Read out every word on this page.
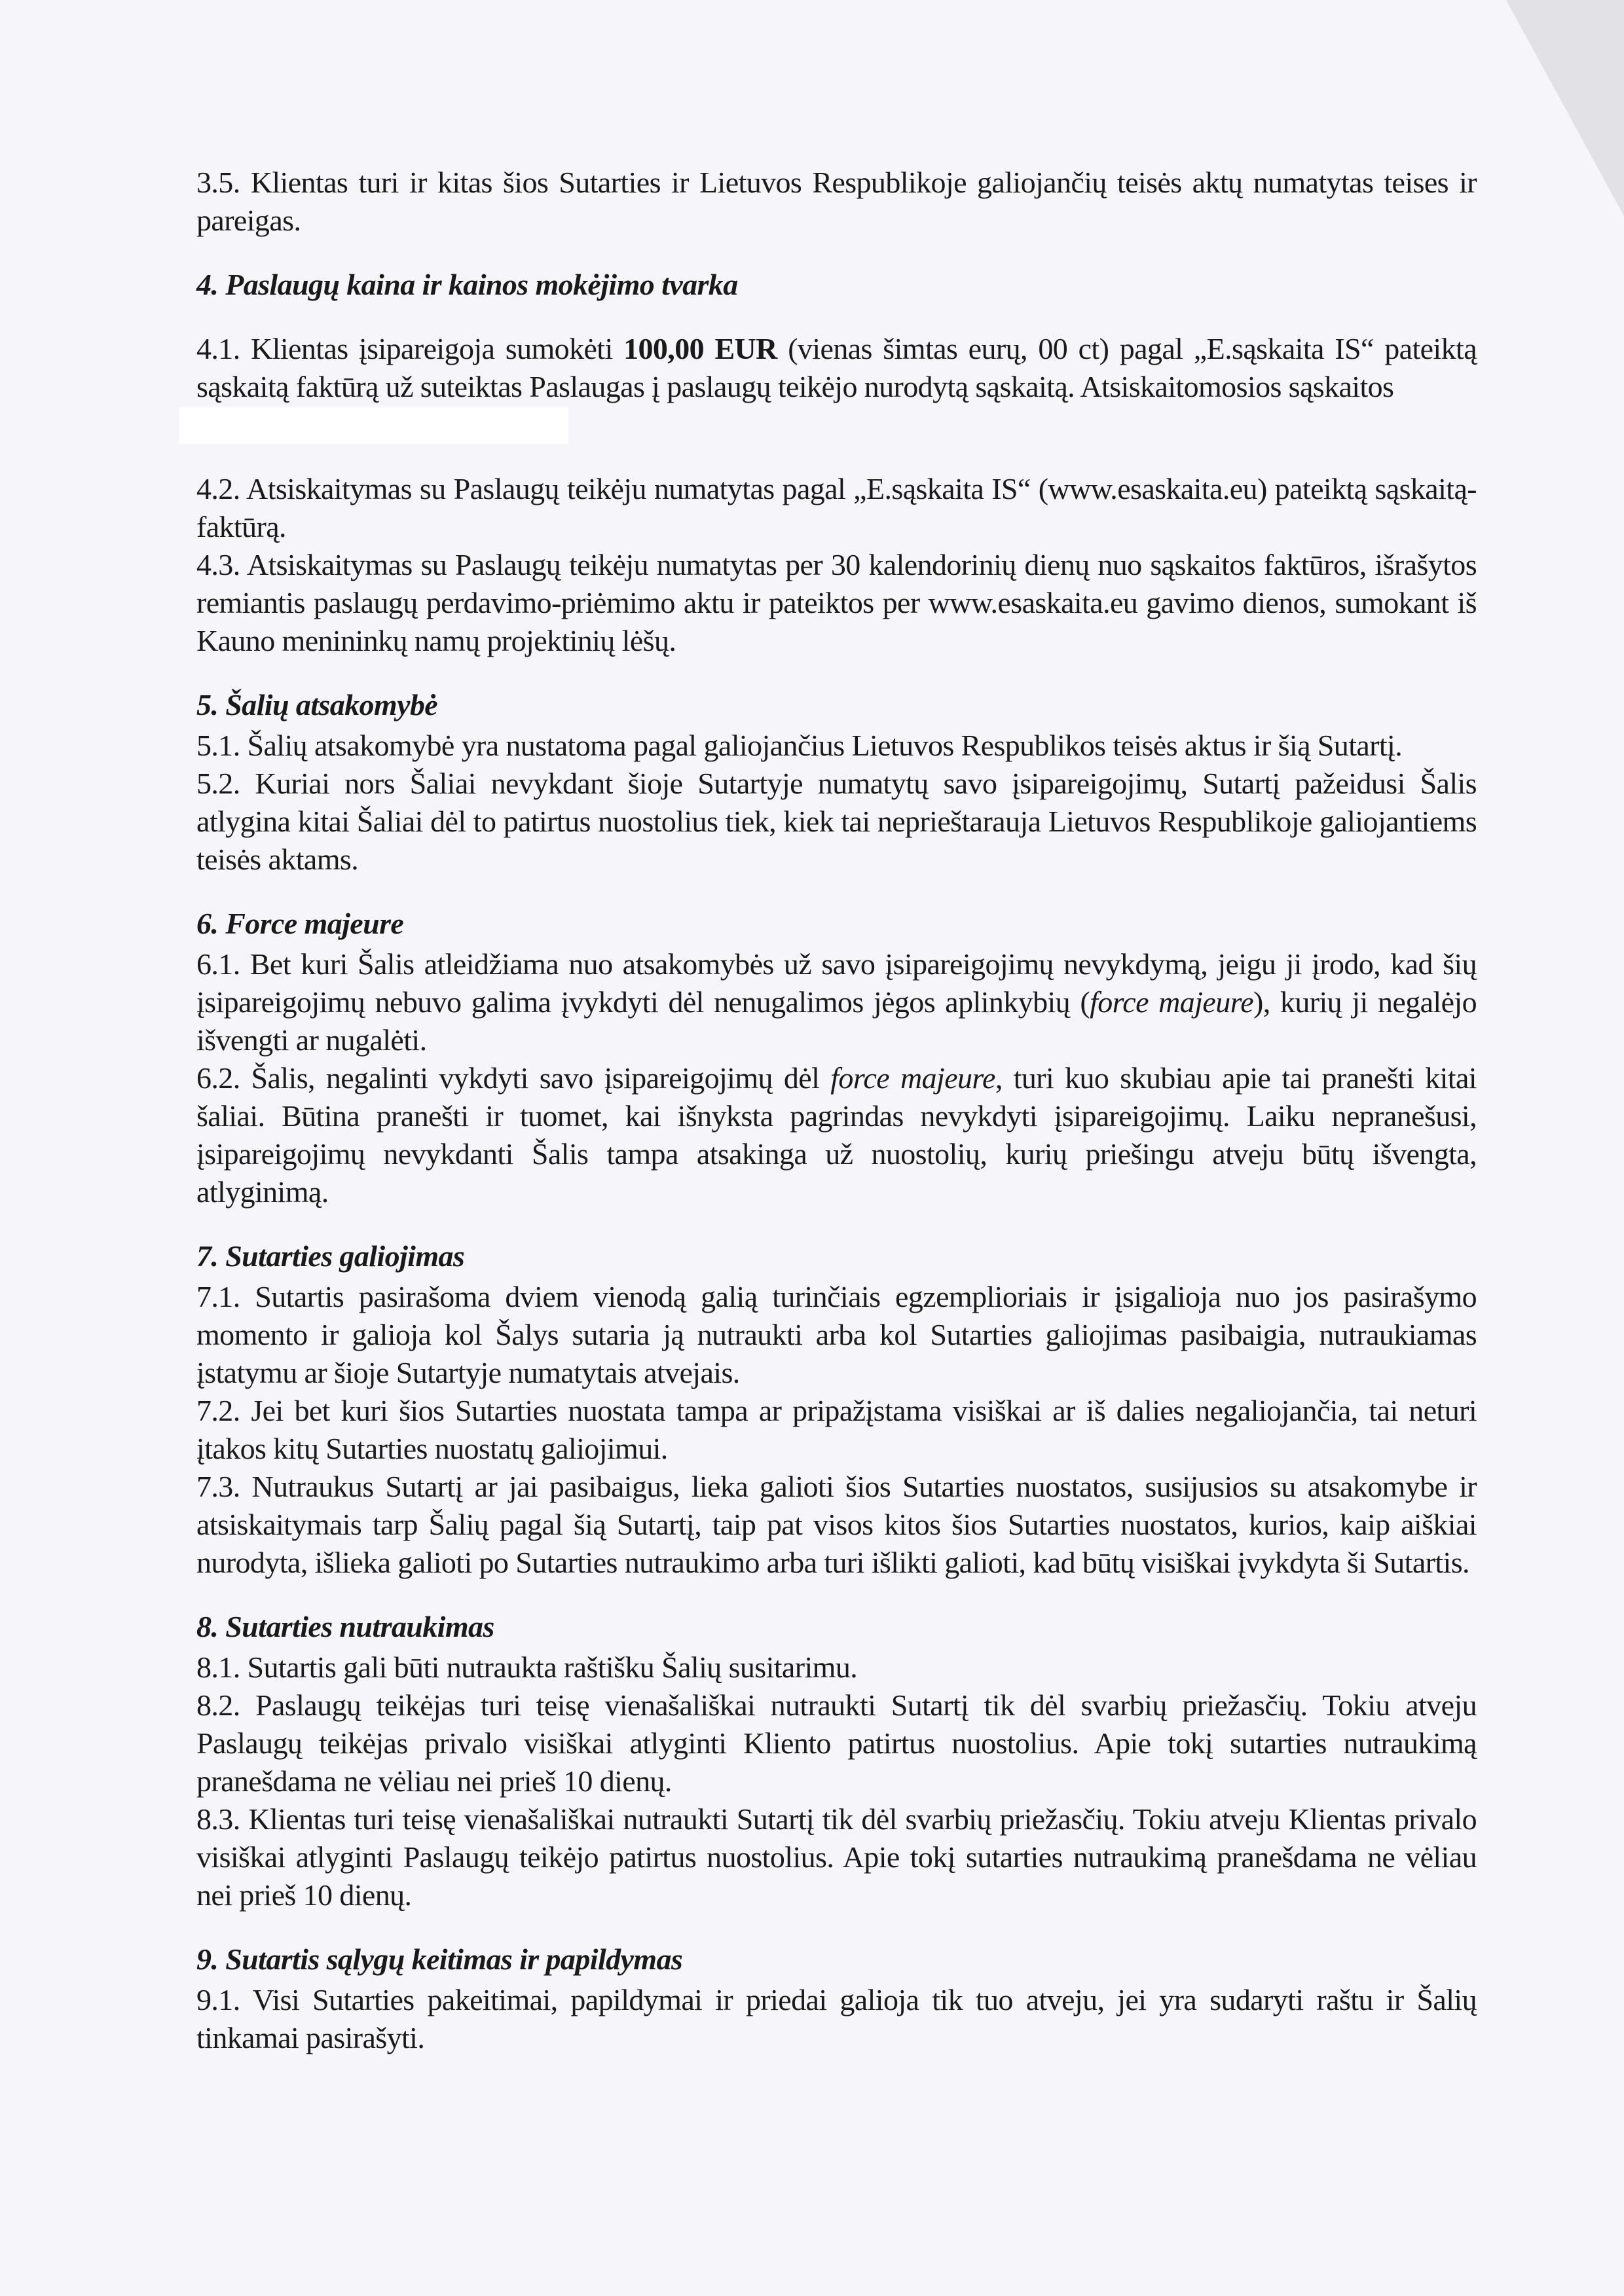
3.5. Klientas turi ir kitas šios Sutarties ir Lietuvos Respublikoje galiojančių teisės aktų numatytas teises ir pareigas.

4. Paslaugų kaina ir kainos mokėjimo tvarka

4.1. Klientas įsipareigoja sumokėti 100,00 EUR (vienas šimtas eurų, 00 ct) pagal „E.sąskaita IS“ pateiktą sąskaitą faktūrą už suteiktas Paslaugas į paslaugų teikėjo nurodytą sąskaitą. Atsiskaitomosios sąskaitos

4.2. Atsiskaitymas su Paslaugų teikėju numatytas pagal „E.sąskaita IS“ (www.esaskaita.eu) pateiktą sąskaitą-faktūrą.

4.3. Atsiskaitymas su Paslaugų teikėju numatytas per 30 kalendorinių dienų nuo sąskaitos faktūros, išrašytos remiantis paslaugų perdavimo-priėmimo aktu ir pateiktos per www.esaskaita.eu gavimo dienos, sumokant iš Kauno menininkų namų projektinių lėšų.

5. Šalių atsakomybė

5.1. Šalių atsakomybė yra nustatoma pagal galiojančius Lietuvos Respublikos teisės aktus ir šią Sutartį.

5.2. Kuriai nors Šaliai nevykdant šioje Sutartyje numatytų savo įsipareigojimų, Sutartį pažeidusi Šalis atlygina kitai Šaliai dėl to patirtus nuostolius tiek, kiek tai neprieštarauja Lietuvos Respublikoje galiojantiems teisės aktams.

6. Force majeure

6.1. Bet kuri Šalis atleidžiama nuo atsakomybės už savo įsipareigojimų nevykdymą, jeigu ji įrodo, kad šių įsipareigojimų nebuvo galima įvykdyti dėl nenugalimos jėgos aplinkybių (force majeure), kurių ji negalėjo išvengti ar nugalėti.

6.2. Šalis, negalinti vykdyti savo įsipareigojimų dėl force majeure, turi kuo skubiau apie tai pranešti kitai šaliai. Būtina pranešti ir tuomet, kai išnyksta pagrindas nevykdyti įsipareigojimų. Laiku nepranešusi, įsipareigojimų nevykdanti Šalis tampa atsakinga už nuostolių, kurių priešingu atveju būtų išvengta, atlyginimą.

7. Sutarties galiojimas

7.1. Sutartis pasirašoma dviem vienodą galią turinčiais egzemplioriais ir įsigalioja nuo jos pasirašymo momento ir galioja kol Šalys sutaria ją nutraukti arba kol Sutarties galiojimas pasibaigia, nutraukiamas įstatymu ar šioje Sutartyje numatytais atvejais.

7.2. Jei bet kuri šios Sutarties nuostata tampa ar pripažįstama visiškai ar iš dalies negaliojančia, tai neturi įtakos kitų Sutarties nuostatų galiojimui.

7.3. Nutraukus Sutartį ar jai pasibaigus, lieka galioti šios Sutarties nuostatos, susijusios su atsakomybe ir atsiskaitymais tarp Šalių pagal šią Sutartį, taip pat visos kitos šios Sutarties nuostatos, kurios, kaip aiškiai nurodyta, išlieka galioti po Sutarties nutraukimo arba turi išlikti galioti, kad būtų visiškai įvykdyta ši Sutartis.

8. Sutarties nutraukimas

8.1. Sutartis gali būti nutraukta raštišku Šalių susitarimu.

8.2. Paslaugų teikėjas turi teisę vienašališkai nutraukti Sutartį tik dėl svarbių priežasčių. Tokiu atveju Paslaugų teikėjas privalo visiškai atlyginti Kliento patirtus nuostolius. Apie tokį sutarties nutraukimą pranešdama ne vėliau nei prieš 10 dienų.

8.3. Klientas turi teisę vienašališkai nutraukti Sutartį tik dėl svarbių priežasčių. Tokiu atveju Klientas privalo visiškai atlyginti Paslaugų teikėjo patirtus nuostolius. Apie tokį sutarties nutraukimą pranešdama ne vėliau nei prieš 10 dienų.

9. Sutartis sąlygų keitimas ir papildymas

9.1. Visi Sutarties pakeitimai, papildymai ir priedai galioja tik tuo atveju, jei yra sudaryti raštu ir Šalių tinkamai pasirašyti.
